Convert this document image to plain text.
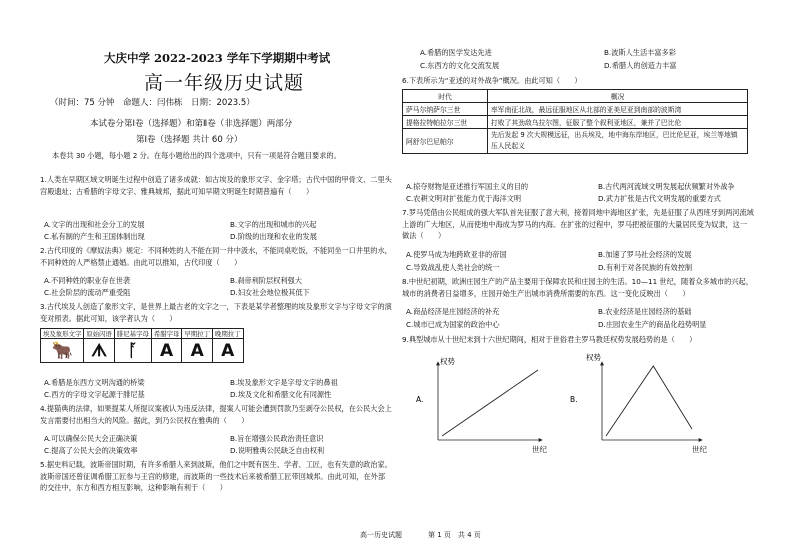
大庆中学 2022-2023 学年下学期期中考试
高一年级历史试题
（时间：75 分钟　命题人：闫伟栋　日期：2023.5）
本试卷分第Ⅰ卷（选择题）和第Ⅱ卷（非选择题）两部分
第Ⅰ卷（选择题 共计 60 分）
本卷共 30 小题，每小题 2 分。在每小题给出的四个选项中，只有一项是符合题目要求的。
1.人类在早期区域文明诞生过程中创造了诸多成就：如古埃及的象形文字、金字塔；古代中国的甲骨文、二里头宫殿遗址；古希腊的字母文字、雅典城邦，据此可知早期文明诞生时期普遍有（　　）
A.文字的出现和社会分工的发展	B.文字的出现和城市的兴起
C.私有制的产生和王国体制出现	D.阶级的出现和农业的发展
2.古代印度的《摩奴法典》规定：不同种姓的人不能在同一井中汲水，不能同桌吃饭，不能同坐一口井里的水，不同种姓的人严格禁止通婚。由此可以推知，古代印度（　　）
A.不同种姓的职业存在世袭	B.刹帝利阶层权利强大
C.社会阶层的流动严重受阻	D.妇女社会地位极其低下
3.古代埃及人创造了象形文字，是世界上最古老的文字之一，下表是某学者整理的埃及象形文字与字母文字的演变对照表。据此可知，该学者认为（　　）
埃及象形文字	原始闪语	腓尼基字母	希腊字母	早期拉丁	晚期拉丁
🐂	ᗑ	ᚪ	Α	A	A
A.希腊是东西方文明沟通的桥梁	B.埃及象形文字是字母文字的鼻祖
C.西方的字母文字起源于腓尼基	D.埃及文化和希腊文化有同源性
4.提猫典的法律，如果提某人所提议案被认为违反法律，提案人可能会遭到罚款乃至剥夺公民权，在公民大会上发言需要付出相当大的风险。据此，到乃公民权在雅典的（　　）
A.可以确保公民大会正确决策	B.旨在增强公民政治责任意识
C.提高了公民大会的决策效率	D.说明雅典公民缺乏自由权利
5.据史料记载，波斯帝国时期，有许多希腊人来到波斯，他们之中既有医生、学者、工匠，也有失意的政治家。波斯帝国还曾征调希腊工匠参与王宫的修建，而波斯的一些技术后来被希腊工匠带回城邦。由此可知，在外部的交往中，东方和西方相互影响，这种影响有利于（　　）
A.希腊的医学发达先进	B.波斯人生活丰富多彩
C.东西方的文化交流发展	D.希腊人的创造力丰富
6.下表所示为“亚述的对外战争”概况。由此可知（　　）
时代	概况
萨马尔纳萨尔三世	率军南征北战，最远征服地区从北部的亚美尼亚到南部的波斯湾
提格拉特帕拉尔三世	打败了其劲敌乌拉尔图，征服了整个叙利亚地区，兼并了巴比伦
阿舒尔巴尼帕尔	先后发起 9 次大规模远征，出兵埃及，地中海东岸地区，巴比伦尼亚，埃兰等地镇压人民起义
A.掠夺财物是亚述推行军国主义的目的	B.古代两河流域文明发展起伏频繁对外战争
C.农耕文明对扩张能力优于海洋文明	D.武力扩张是古代文明发展的重要方式
7.罗马凭借由公民组成的强大军队首先征服了意大利，接着同地中海地区扩张，先是征服了从西班牙到两河流域上游的广大地区，从而使地中海成为罗马的内海。在扩张的过程中，罗马把被征服的大量居民变为奴隶，这一做法（　　）
A.使罗马成为地跨欧亚非的帝国	B.加速了罗马社会经济的发展
C.导致战乱使人类社会的统一	D.有利于对各民族的有效控制
8.中世纪初期，欧洲庄园生产的产品主要用于保障农民和庄园主的生活。10—11 世纪，随着众多城市的兴起，城市的消费者日益增多，庄园开始生产出城市消费所需要的东西。这一变化反映出（　　）
A.商品经济是庄园经济的补充	B.农业经济是庄园经济的基础
C.城市已成为国家的政治中心	D.庄园农业生产的商品化趋势明显
9.典型城市从十世纪末到十六世纪期间，相对于世俗君主罗马教廷权势发展趋势的是（　　）
权势
世纪
A.
权势
世纪
B.
高一历史试题	第 1 页　共 4 页
